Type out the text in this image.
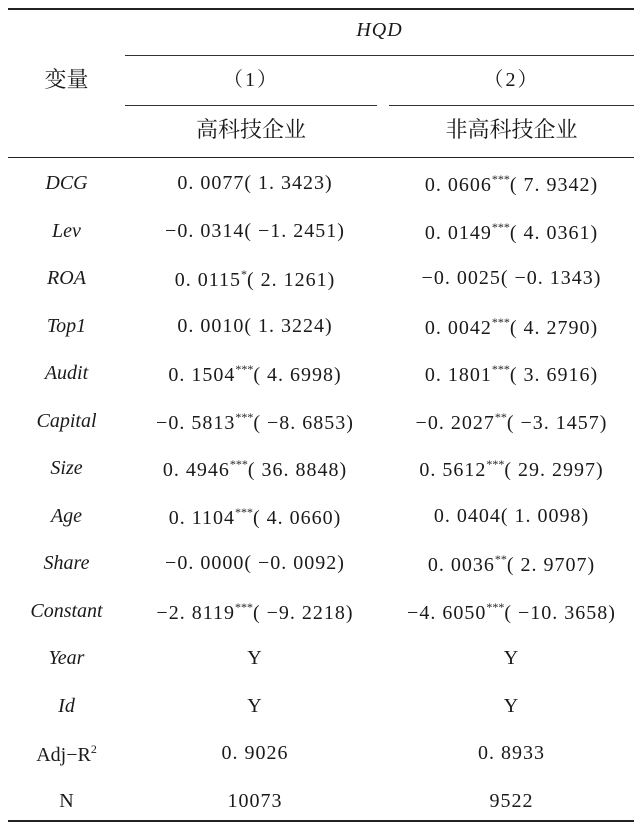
HQD
变量	（1）	（2）
高科技企业	非高科技企业
DCG	0. 0077( 1. 3423)	0. 0606***( 7. 9342)
Lev	−0. 0314( −1. 2451)	0. 0149***( 4. 0361)
ROA	0. 0115*( 2. 1261)	−0. 0025( −0. 1343)
Top1	0. 0010( 1. 3224)	0. 0042***( 4. 2790)
Audit	0. 1504***( 4. 6998)	0. 1801***( 3. 6916)
Capital	−0. 5813***( −8. 6853)	−0. 2027**( −3. 1457)
Size	0. 4946***( 36. 8848)	0. 5612***( 29. 2997)
Age	0. 1104***( 4. 0660)	0. 0404( 1. 0098)
Share	−0. 0000( −0. 0092)	0. 0036**( 2. 9707)
Constant	−2. 8119***( −9. 2218)	−4. 6050***( −10. 3658)
Year	Y	Y
Id	Y	Y
$Adj-R^2$	0. 9026	0. 8933
N	10073	9522
